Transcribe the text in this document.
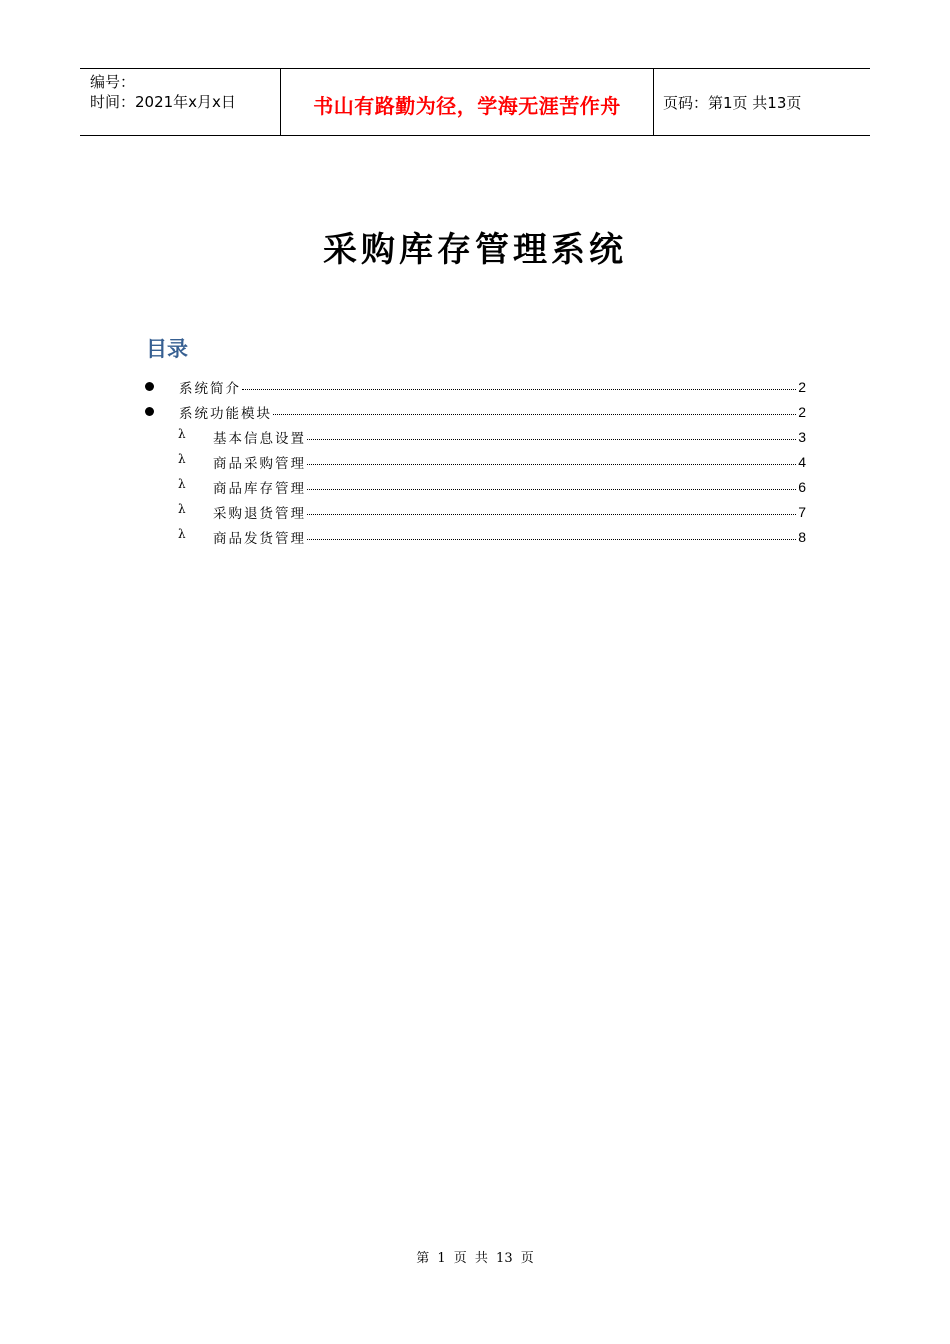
编号：
时间：2021年x月x日	书山有路勤为径，学海无涯苦作舟	页码：第1页 共13页
采购库存管理系统
目录
系统简介	2
系统功能模块	2
λ 基本信息设置	3
λ 商品采购管理	4
λ 商品库存管理	6
λ 采购退货管理	7
λ 商品发货管理	8
第 1 页 共 13 页
